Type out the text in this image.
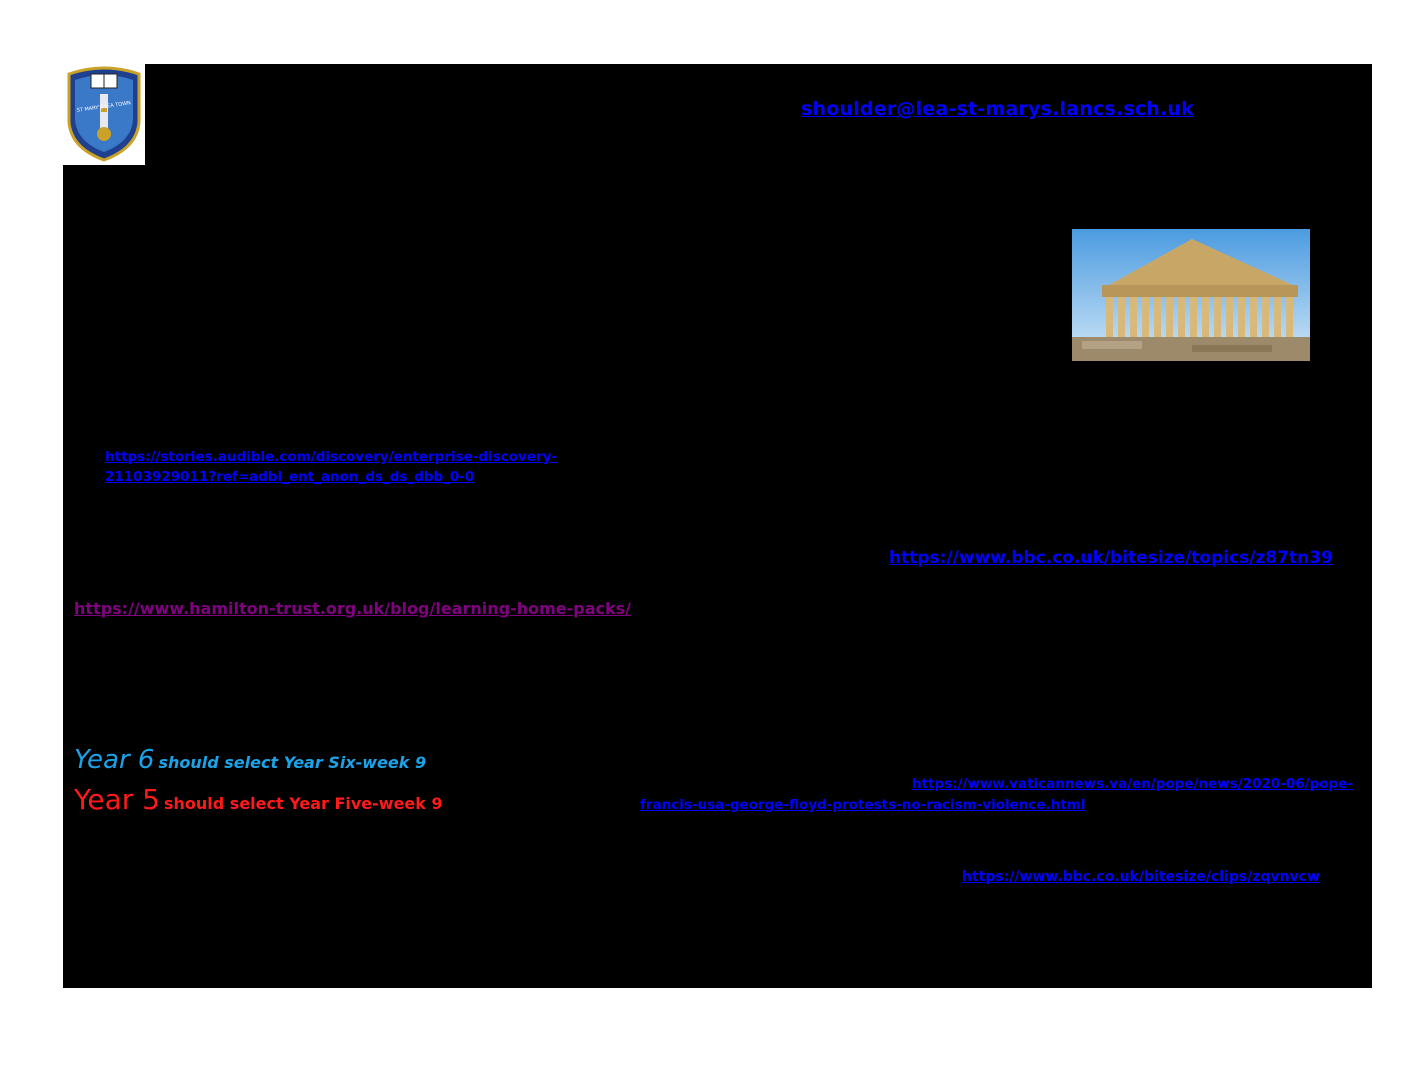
ST MARY'S LEA TOWN	shoulder@lea-st-marys.lancs.sch.uk
https://stories.audible.com/discovery/enterprise-discovery-
21103929011?ref=adbl_ent_anon_ds_ds_dbb_0-0
https://www.bbc.co.uk/bitesize/topics/z87tn39
https://www.hamilton-trust.org.uk/blog/learning-home-packs/
Year 6 should select Year Six-week 9
Year 5 should select Year Five-week 9
https://www.vaticannews.va/en/pope/news/2020-06/pope-
francis-usa-george-floyd-protests-no-racism-violence.html
https://www.bbc.co.uk/bitesize/clips/zqvnvcw
